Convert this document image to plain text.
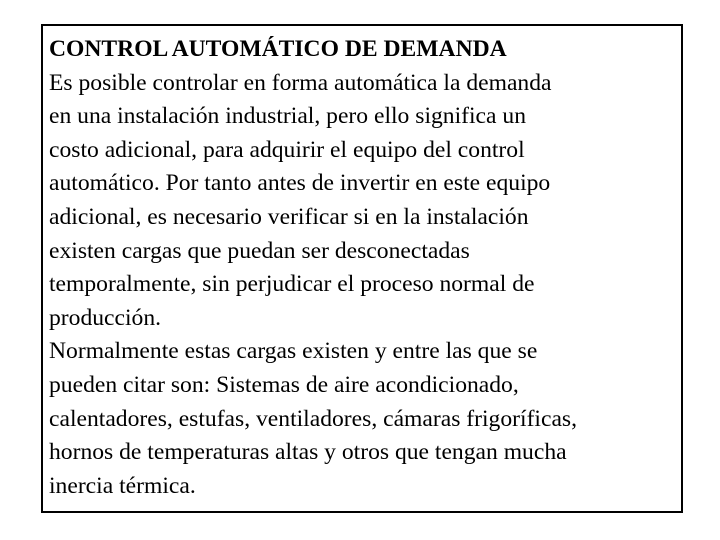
CONTROL AUTOMÁTICO DE DEMANDA
Es posible controlar en forma automática la demanda
en una instalación industrial, pero ello significa un
costo adicional, para adquirir el equipo del control
automático. Por tanto antes de invertir en este equipo
adicional, es necesario verificar si en la instalación
existen cargas que puedan ser desconectadas
temporalmente, sin perjudicar el proceso normal de
producción.
Normalmente estas cargas existen y entre las que se
pueden citar son: Sistemas de aire acondicionado,
calentadores, estufas, ventiladores, cámaras frigoríficas,
hornos de temperaturas altas y otros que tengan mucha
inercia térmica.
